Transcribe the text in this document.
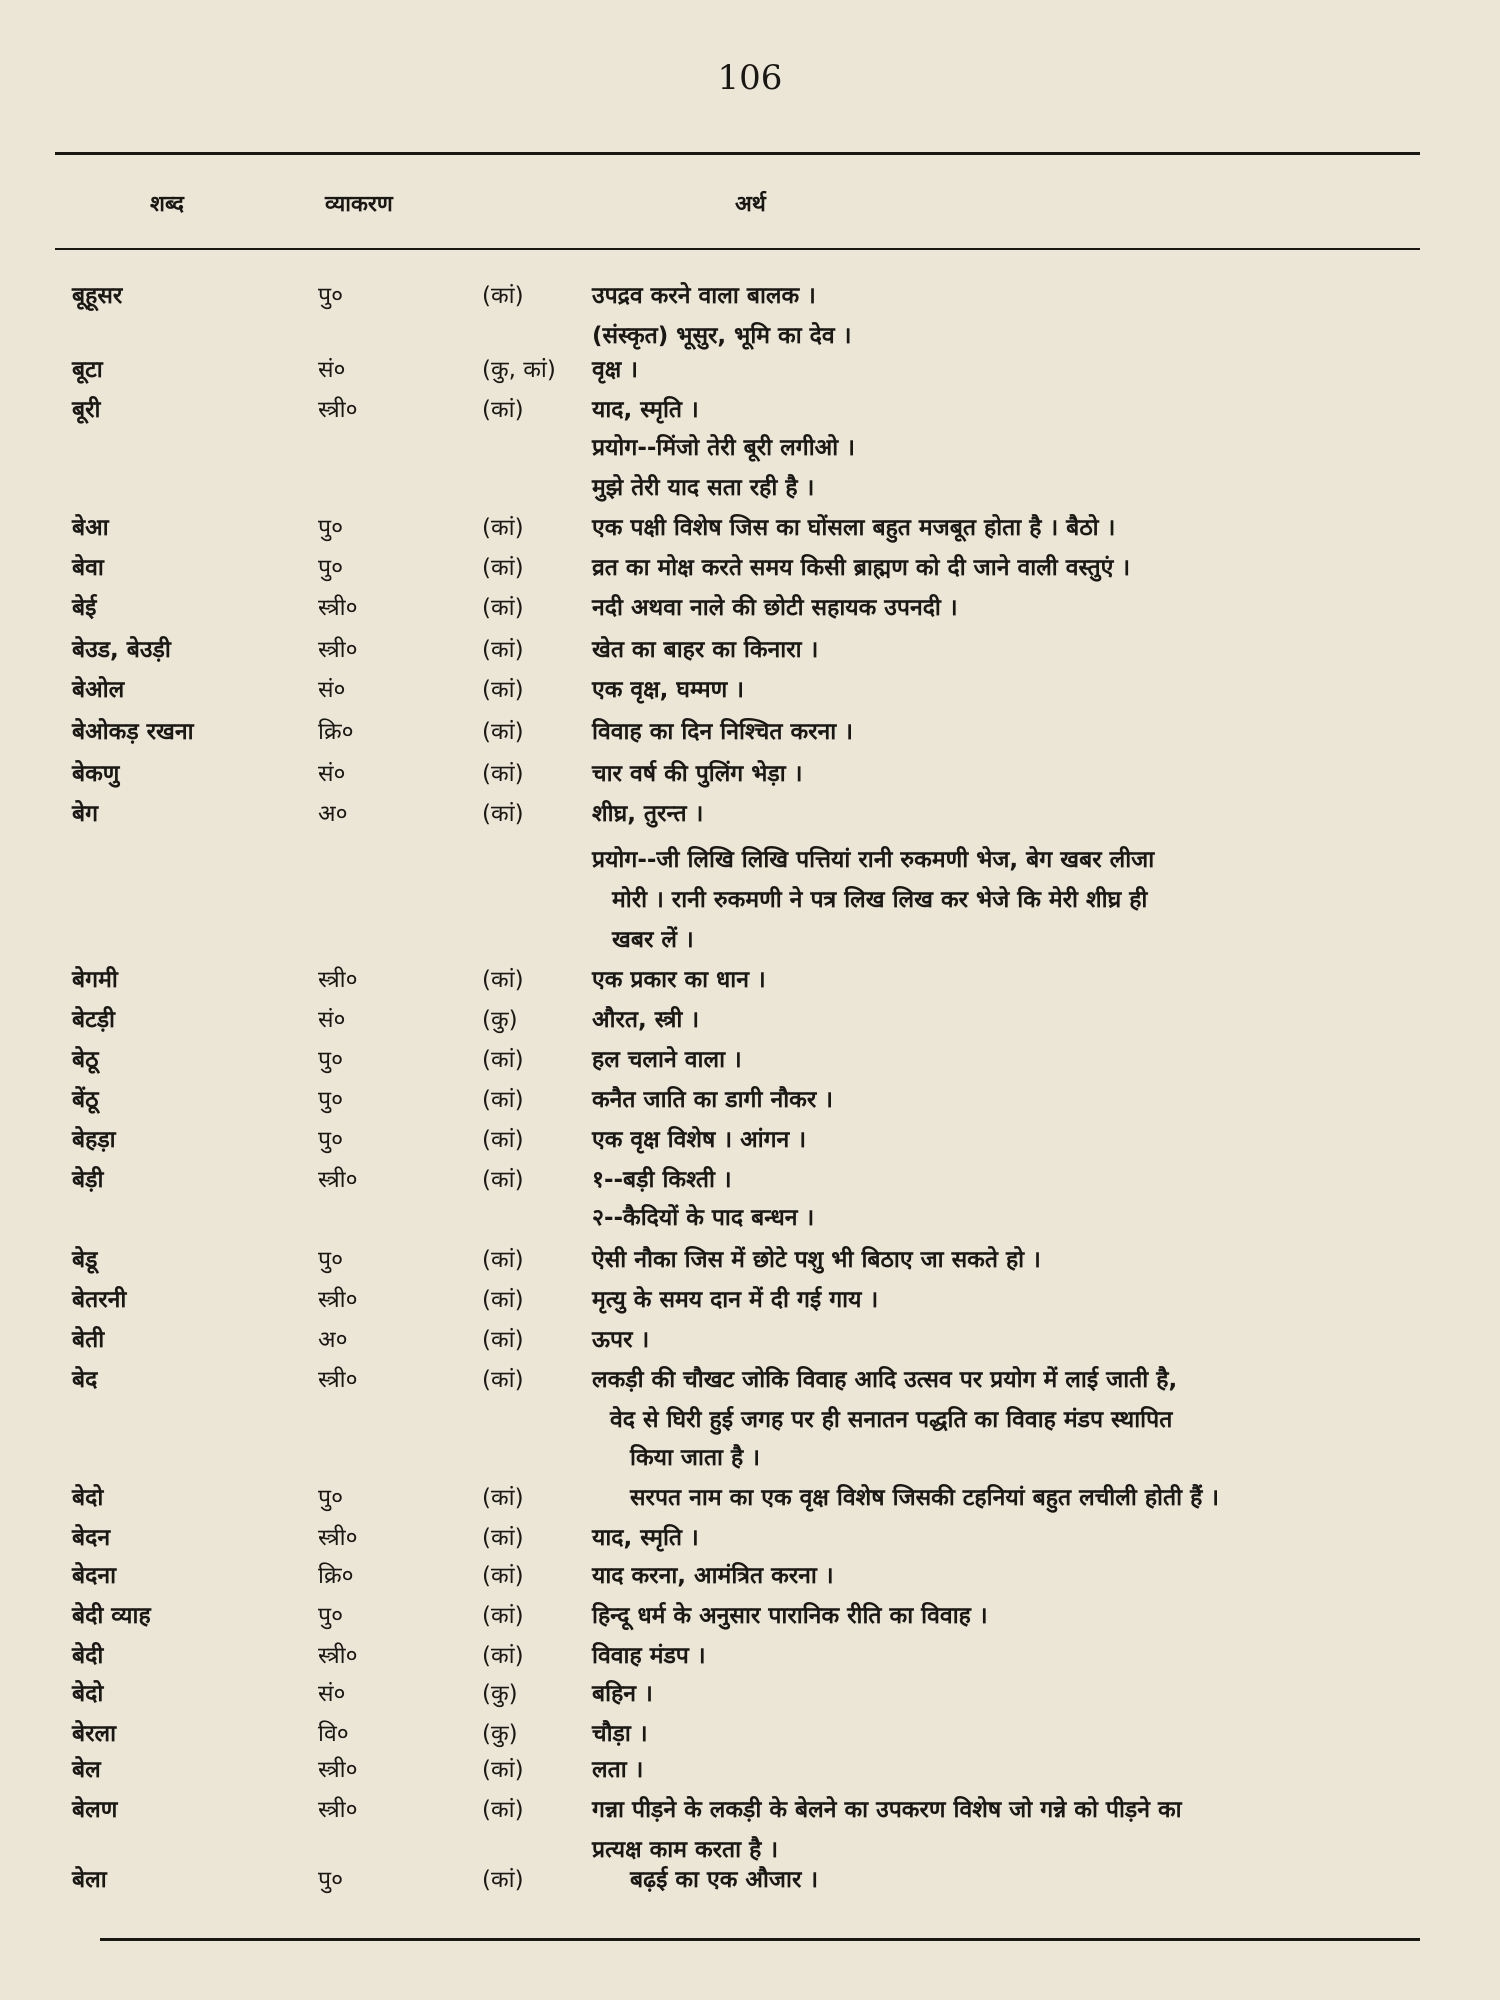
106
शब्द	व्याकरण	अर्थ
बूहूसर	पु०	(कां)	उपद्रव करने वाला बालक ।
(संस्कृत) भूसुर, भूमि का देव ।
बूटा	सं०	(कु, कां) वृक्ष ।
बूरी	स्त्री०	(कां)	याद, स्मृति ।
प्रयोग--मिंजो तेरी बूरी लगीओ ।
मुझे तेरी याद सता रही है ।
बेआ	पु०	(कां)	एक पक्षी विशेष जिस का घोंसला बहुत मजबूत होता है । बैठो ।
बेवा	पु०	(कां)	व्रत का मोक्ष करते समय किसी ब्राह्मण को दी जाने वाली वस्तुएं ।
बेई	स्त्री०	(कां)	नदी अथवा नाले की छोटी सहायक उपनदी ।
बेउड, बेउड़ी	स्त्री०	(कां)	खेत का बाहर का किनारा ।
बेओल	सं०	(कां)	एक वृक्ष, घम्मण ।
बेओकड़ रखना	क्रि०	(कां)	विवाह का दिन निश्चित करना ।
बेकणु	सं०	(कां)	चार वर्ष की पुलिंग भेड़ा ।
बेग	अ०	(कां)	शीघ्र, तुरन्त ।
प्रयोग--जी लिखि लिखि पत्तियां रानी रुकमणी भेज, बेग खबर लीजा
मोरी । रानी रुकमणी ने पत्र लिख लिख कर भेजे कि मेरी शीघ्र ही
खबर लें ।
बेगमी	स्त्री०	(कां)	एक प्रकार का धान ।
बेटड़ी	सं०	(कु)	औरत, स्त्री ।
बेठू	पु०	(कां)	हल चलाने वाला ।
बेंठू	पु०	(कां)	कनैत जाति का डागी नौकर ।
बेहड़ा	पु०	(कां)	एक वृक्ष विशेष । आंगन ।
बेड़ी	स्त्री०	(कां)	१--बड़ी किश्ती ।
२--कैदियों के पाद बन्धन ।
बेडू	पु०	(कां)	ऐसी नौका जिस में छोटे पशु भी बिठाए जा सकते हो ।
बेतरनी	स्त्री०	(कां)	मृत्यु के समय दान में दी गई गाय ।
बेती	अ०	(कां)	ऊपर ।
बेद	स्त्री०	(कां)	लकड़ी की चौखट जोकि विवाह आदि उत्सव पर प्रयोग में लाई जाती है,
वेद से घिरी हुई जगह पर ही सनातन पद्धति का विवाह मंडप स्थापित
किया जाता है ।
बेदो	पु०	(कां)	सरपत नाम का एक वृक्ष विशेष जिसकी टहनियां बहुत लचीली होती हैं ।
बेदन	स्त्री०	(कां)	याद, स्मृति ।
बेदना	क्रि०	(कां)	याद करना, आमंत्रित करना ।
बेदी व्याह	पु०	(कां)	हिन्दू धर्म के अनुसार पारानिक रीति का विवाह ।
बेदी	स्त्री०	(कां)	विवाह मंडप ।
बेदो	सं०	(कु)	बहिन ।
बेरला	वि०	(कु)	चौड़ा ।
बेल	स्त्री०	(कां)	लता ।
बेलण	स्त्री०	(कां)	गन्ना पीड़ने के लकड़ी के बेलने का उपकरण विशेष जो गन्ने को पीड़ने का
प्रत्यक्ष काम करता है ।
बेला	पु०	(कां)	बढ़ई का एक औजार ।
